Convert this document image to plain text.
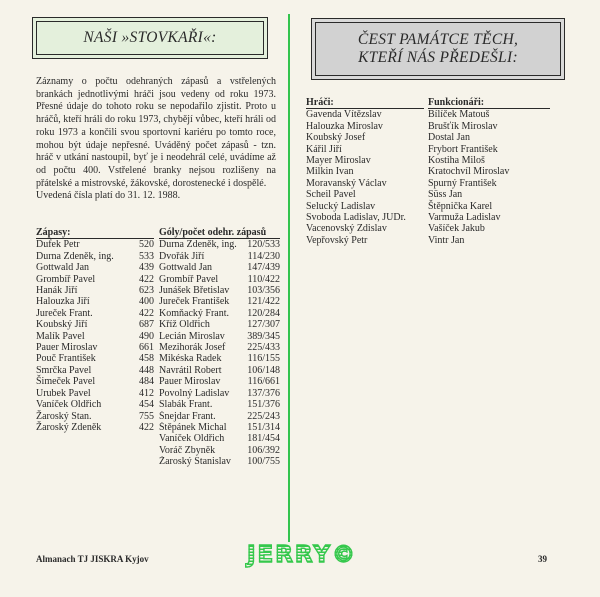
NAŠI »STOVKAŘI«:	ČEST PAMÁTCE TĚCH,
KTEŘÍ NÁS PŘEDEŠLI:

Záznamy o počtu odehraných zápasů a vstřelených brankách jednotlivými hráči jsou vedeny od roku 1973. Přesné údaje do tohoto roku se nepodařilo zjistit. Proto u hráčů, kteří hráli do roku 1973, chybějí vůbec, kteří hráli od roku 1973 a končili svou sportovní kariéru po tomto roce, mohou být údaje nepřesné. Uváděný počet zápasů - tzn. hráč v utkání nastoupil, byť je i neodehrál celé, uvádíme až od počtu 400. Vstřelené branky nejsou rozlišeny na přátelské a mistrovské, žákovské, dorostenecké i dospělé.

Uvedená čísla platí do 31. 12. 1988.

Zápasy:
Dufek Petr	520
Durna Zdeněk, ing.	533
Gottwald Jan	439
Grombíř Pavel	422
Hanák Jiří	623
Halouzka Jiří	400
Jureček Frant.	422
Koubský Jiří	687
Malík Pavel	490
Pauer Miroslav	661
Pouč František	458
Smrčka Pavel	448
Šimeček Pavel	484
Urubek Pavel	412
Vaníček Oldřich	454
Žaroský Stan.	755
Žaroský Zdeněk	422
Góly/počet odehr. zápasů
Durna Zdeněk, ing.	120/533
Dvořák Jiří	114/230
Gottwald Jan	147/439
Grombíř Pavel	110/422
Junášek Břetislav	103/356
Jureček František	121/422
Komňacký Frant.	120/284
Kříž Oldřich	127/307
Lecián Miroslav	389/345
Mezihorák Josef	225/433
Mikéska Radek	116/155
Navrátil Robert	106/148
Pauer Miroslav	116/661
Povolný Ladislav	137/376
Slabák Frant.	151/376
Šnejdar Frant.	225/243
Štěpánek Michal	151/314
Vaníček Oldřich	181/454
Voráč Zbyněk	106/392
Žaroský Stanislav	100/755
Hráči:
Gavenda Vítězslav
Halouzka Miroslav
Koubský Josef
Kářil Jiří
Mayer Miroslav
Milkin Ivan
Moravanský Václav
Scheil Pavel
Selucký Ladislav
Svoboda Ladislav, JUDr.
Vacenovský Zdislav
Vepřovský Petr
Funkcionáři:
Bílíček Matouš
Brušťík Miroslav
Dostal Jan
Frybort František
Kostiha Miloš
Kratochvíl Miroslav
Spurný František
Süss Jan
Štěpnička Karel
Varmuža Ladislav
Vašíček Jakub
Vintr Jan
Almanach TJ JISKRA Kyjov	JERRY©	39
